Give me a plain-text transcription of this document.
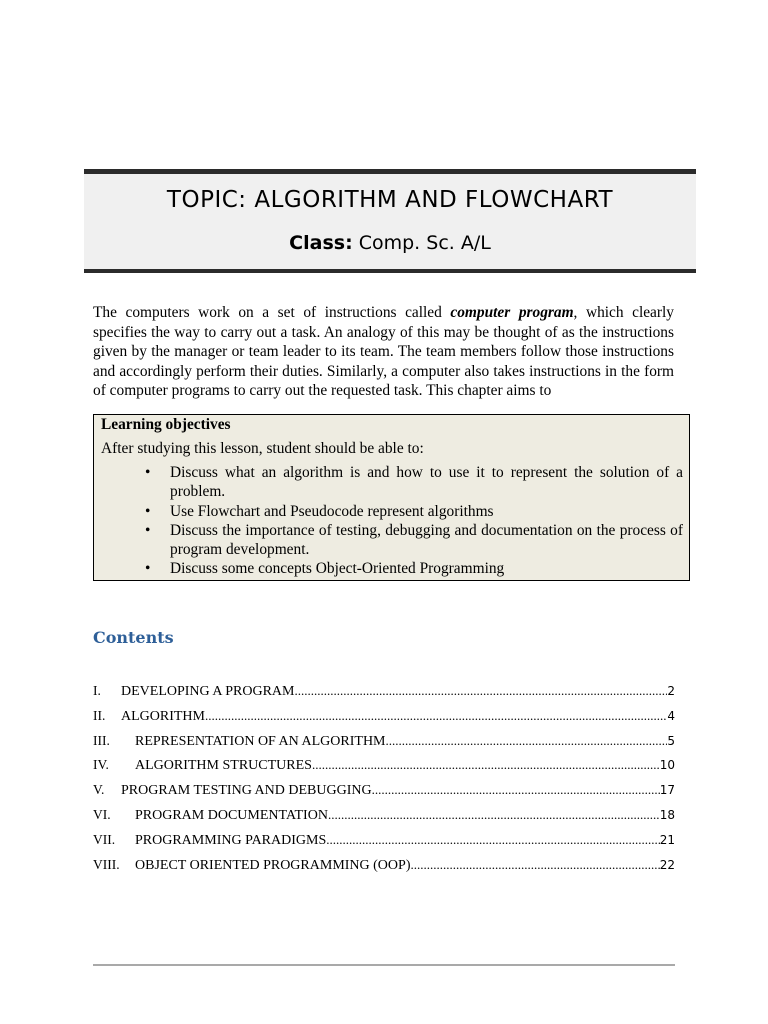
TOPIC: ALGORITHM AND FLOWCHART
Class: Comp. Sc. A/L

The computers work on a set of instructions called computer program, which clearly specifies the way to carry out a task. An analogy of this may be thought of as the instructions given by the manager or team leader to its team. The team members follow those instructions and accordingly perform their duties. Similarly, a computer also takes instructions in the form of computer programs to carry out the requested task. This chapter aims to

Learning objectives
After studying this lesson, student should be able to:
• Discuss what an algorithm is and how to use it to represent the solution of a problem.
• Use Flowchart and Pseudocode represent algorithms
• Discuss the importance of testing, debugging and documentation on the process of program development.
• Discuss some concepts Object-Oriented Programming
Contents
I.	DEVELOPING A PROGRAM .....	2
II.	ALGORITHM .....	4
III.	REPRESENTATION OF AN ALGORITHM .....	5
IV.	ALGORITHM STRUCTURES .....	10
V.	PROGRAM TESTING AND DEBUGGING .....	17
VI.	PROGRAM DOCUMENTATION .....	18
VII.	PROGRAMMING PARADIGMS .....	21
VIII.	OBJECT ORIENTED PROGRAMMING (OOP) .....	22
